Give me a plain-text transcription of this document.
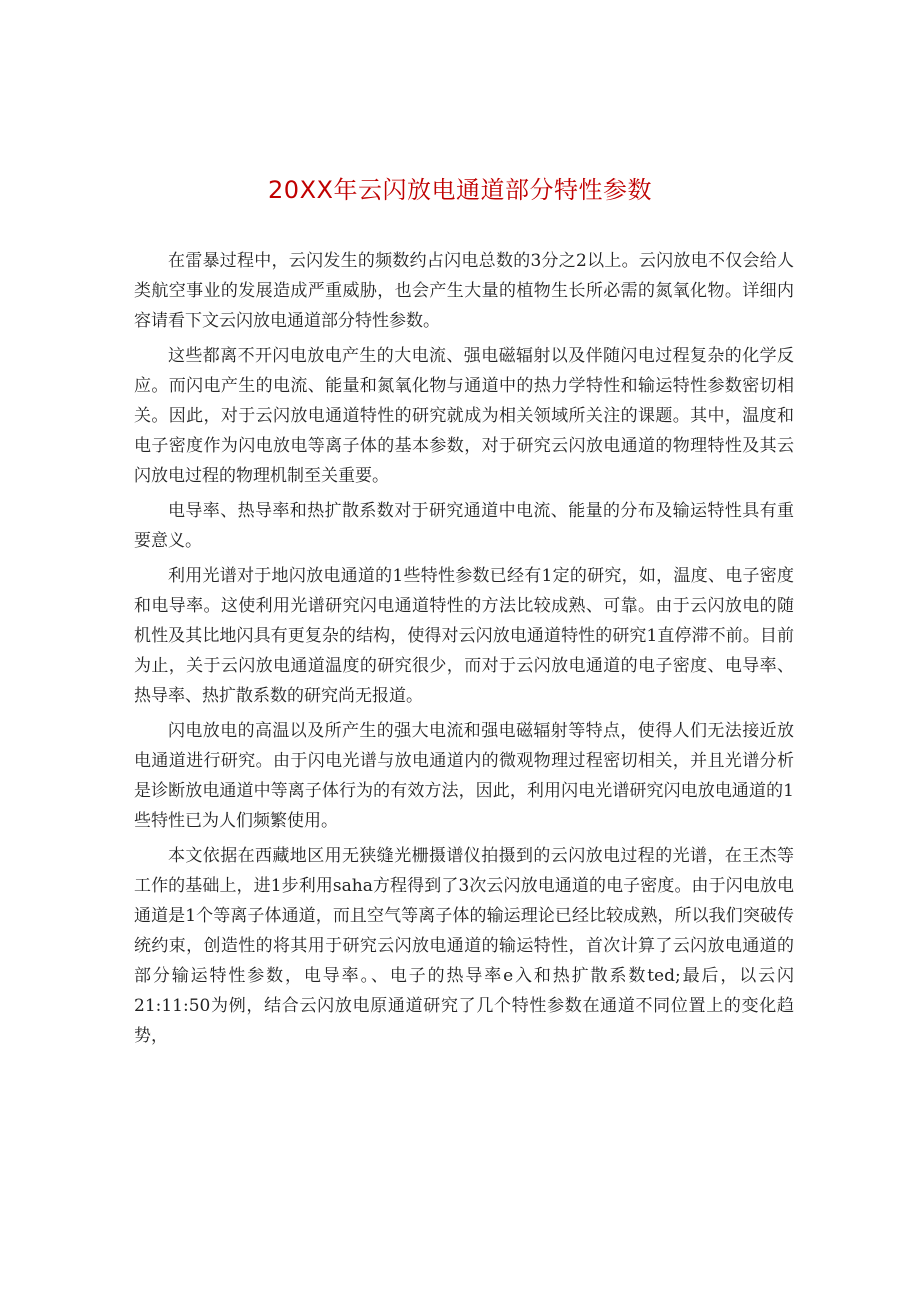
20XX年云闪放电通道部分特性参数

在雷暴过程中，云闪发生的频数约占闪电总数的3分之2以上。云闪放电不仅会给人类航空事业的发展造成严重威胁，也会产生大量的植物生长所必需的氮氧化物。详细内容请看下文云闪放电通道部分特性参数。

这些都离不开闪电放电产生的大电流、强电磁辐射以及伴随闪电过程复杂的化学反应。而闪电产生的电流、能量和氮氧化物与通道中的热力学特性和输运特性参数密切相关。因此，对于云闪放电通道特性的研究就成为相关领域所关注的课题。其中，温度和电子密度作为闪电放电等离子体的基本参数，对于研究云闪放电通道的物理特性及其云闪放电过程的物理机制至关重要。

电导率、热导率和热扩散系数对于研究通道中电流、能量的分布及输运特性具有重要意义。

利用光谱对于地闪放电通道的1些特性参数已经有1定的研究，如，温度、电子密度和电导率。这使利用光谱研究闪电通道特性的方法比较成熟、可靠。由于云闪放电的随机性及其比地闪具有更复杂的结构，使得对云闪放电通道特性的研究1直停滞不前。目前为止，关于云闪放电通道温度的研究很少，而对于云闪放电通道的电子密度、电导率、热导率、热扩散系数的研究尚无报道。

闪电放电的高温以及所产生的强大电流和强电磁辐射等特点，使得人们无法接近放电通道进行研究。由于闪电光谱与放电通道内的微观物理过程密切相关，并且光谱分析是诊断放电通道中等离子体行为的有效方法，因此，利用闪电光谱研究闪电放电通道的1些特性已为人们频繁使用。

本文依据在西藏地区用无狭缝光栅摄谱仪拍摄到的云闪放电过程的光谱，在王杰等工作的基础上，进1步利用saha方程得到了3次云闪放电通道的电子密度。由于闪电放电通道是1个等离子体通道，而且空气等离子体的输运理论已经比较成熟，所以我们突破传统约束，创造性的将其用于研究云闪放电通道的输运特性，首次计算了云闪放电通道的部分输运特性参数，电导率。、电子的热导率e入和热扩散系数ted;最后，以云闪21:11:50为例，结合云闪放电原通道研究了几个特性参数在通道不同位置上的变化趋势，
